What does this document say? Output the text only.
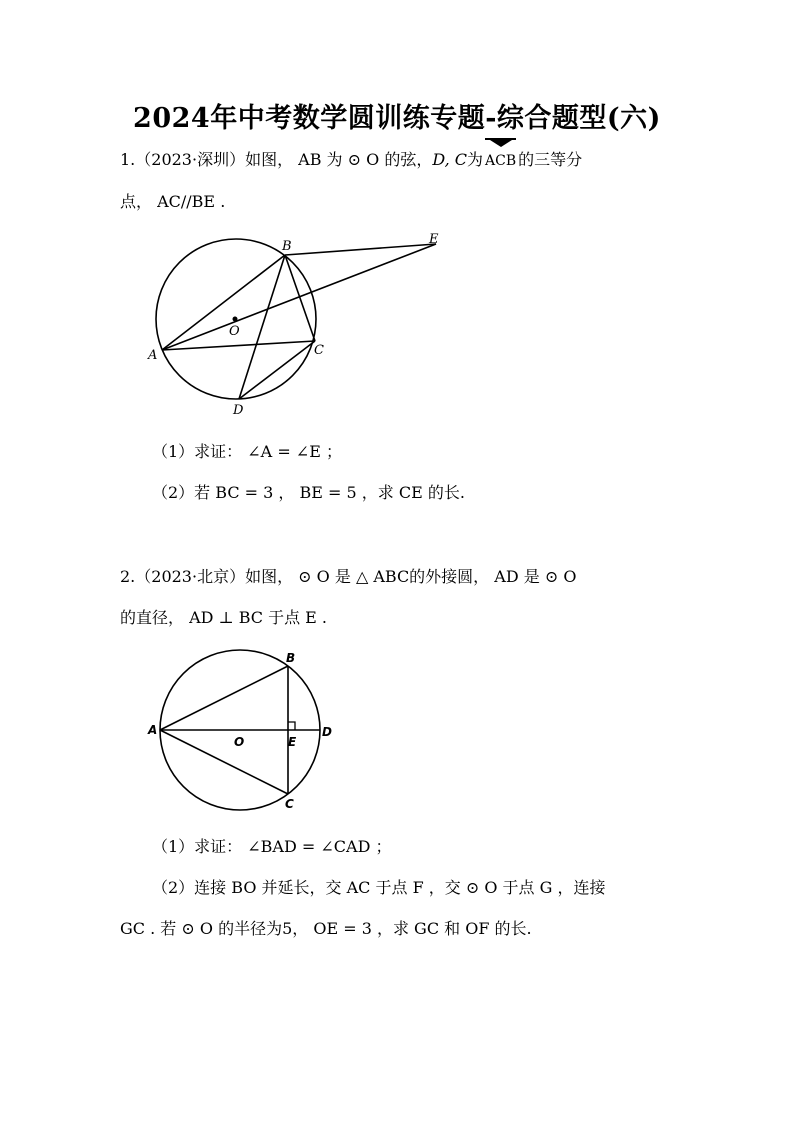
2024年中考数学圆训练专题-综合题型(六)
1.（2023·深圳）如图， AB 为 ⊙ O 的弦，D, C为 ACB 的三等分
点， AC//BE .
B	E
O
A	C
D
（1）求证： ∠A = ∠E ；
（2）若 BC = 3 ， BE = 5 ，求 CE 的长.
2.（2023·北京）如图， ⊙ O 是 △ ABC的外接圆， AD 是 ⊙ O
的直径， AD ⊥ BC 于点 E .
B
A
O	E
D
C
（1）求证： ∠BAD = ∠CAD ；
（2）连接 BO 并延长，交 AC 于点 F ，交 ⊙ O 于点 G ，连接
GC . 若 ⊙ O 的半径为5， OE = 3 ，求 GC 和 OF 的长.
